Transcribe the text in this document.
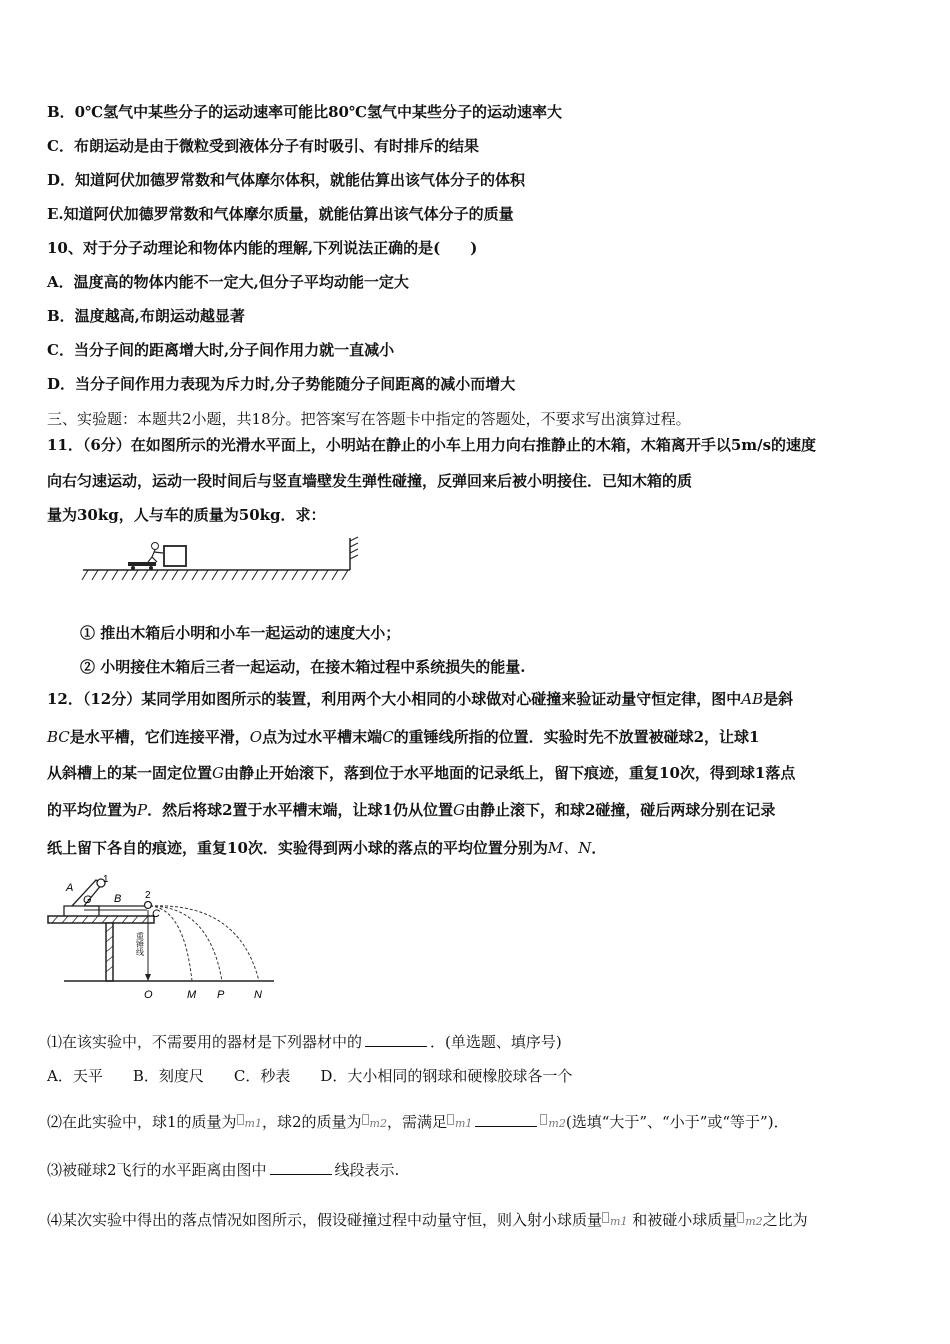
B．0℃氢气中某些分子的运动速率可能比80℃氢气中某些分子的运动速率大
C．布朗运动是由于微粒受到液体分子有时吸引、有时排斥的结果
D．知道阿伏加德罗常数和气体摩尔体积，就能估算出该气体分子的体积
E.知道阿伏加德罗常数和气体摩尔质量，就能估算出该气体分子的质量
10、对于分子动理论和物体内能的理解,下列说法正确的是(　　)
A．温度高的物体内能不一定大,但分子平均动能一定大
B．温度越高,布朗运动越显著
C．当分子间的距离增大时,分子间作用力就一直减小
D．当分子间作用力表现为斥力时,分子势能随分子间距离的减小而增大
三、实验题：本题共2小题，共18分。把答案写在答题卡中指定的答题处，不要求写出演算过程。
11．（6分）在如图所示的光滑水平面上，小明站在静止的小车上用力向右推静止的木箱，木箱离开手以5m/s的速度
向右匀速运动，运动一段时间后与竖直墙壁发生弹性碰撞，反弹回来后被小明接住．已知木箱的质
量为30kg，人与车的质量为50kg．求：
① 推出木箱后小明和小车一起运动的速度大小；
② 小明接住木箱后三者一起运动，在接木箱过程中系统损失的能量.
12．（12分）某同学用如图所示的装置，利用两个大小相同的小球做对心碰撞来验证动量守恒定律，图中AB是斜
BC是水平槽，它们连接平滑，O点为过水平槽末端C的重锤线所指的位置．实验时先不放置被碰球2，让球1
从斜槽上的某一固定位置G由静止开始滚下，落到位于水平地面的记录纸上，留下痕迹，重复10次，得到球1落点
的平均位置为P．然后将球2置于水平槽末端，让球1仍从位置G由静止滚下，和球2碰撞，碰后两球分别在记录
纸上留下各自的痕迹，重复10次．实验得到两小球的落点的平均位置分别为M、N．
A
G
1
B 2
C
重锤线
O	M P	N
⑴在该实验中，不需要用的器材是下列器材中的	．(单选题、填序号)
A．天平　　B．刻度尺　　C．秒表　　D．大小相同的钢球和硬橡胶球各一个
⑵在此实验中，球1的质量为 m1，球2的质量为 m2，需满足 m1	m2(选填“大于”、“小于”或“等于”)．
⑶被碰球2飞行的水平距离由图中	线段表示.
⑷某次实验中得出的落点情况如图所示，假设碰撞过程中动量守恒，则入射小球质量 m1 和被碰小球质量 m2之比为
